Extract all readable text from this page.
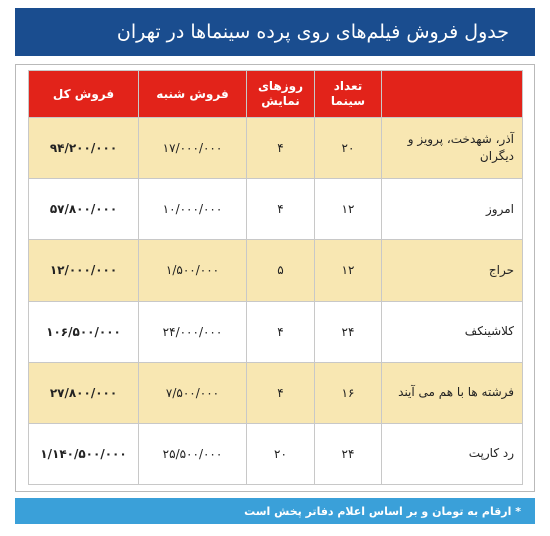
جدول فروش فیلم‌های روی پرده سینماها در تهران
	تعداد سینما	روزهای نمایش	فروش شنبه	فروش کل
آذر، شهدخت، پرویز و دیگران	۲۰	۴	۱۷/۰۰۰/۰۰۰	۹۴/۲۰۰/۰۰۰
امروز	۱۲	۴	۱۰/۰۰۰/۰۰۰	۵۷/۸۰۰/۰۰۰
حراج	۱۲	۵	۱/۵۰۰/۰۰۰	۱۲/۰۰۰/۰۰۰
کلاشینکف	۲۴	۴	۲۴/۰۰۰/۰۰۰	۱۰۶/۵۰۰/۰۰۰
فرشته ها با هم می آیند	۱۶	۴	۷/۵۰۰/۰۰۰	۲۷/۸۰۰/۰۰۰
رد کارپت	۲۴	۲۰	۲۵/۵۰۰/۰۰۰	۱/۱۴۰/۵۰۰/۰۰۰
* ارقام به تومان و بر اساس اعلام دفاتر پخش است
